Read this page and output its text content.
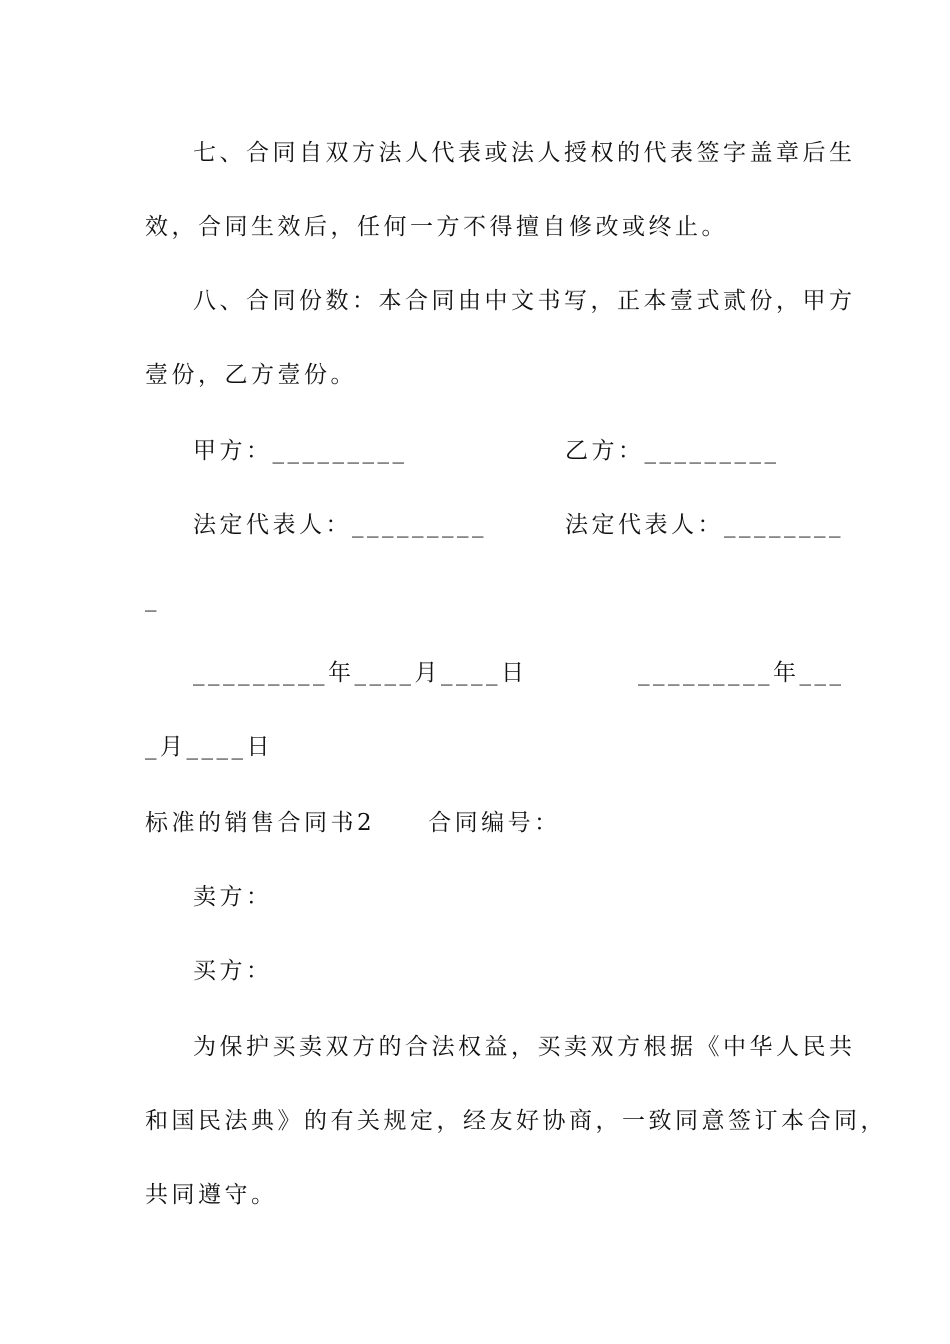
七、合同自双方法人代表或法人授权的代表签字盖章后生
效，合同生效后，任何一方不得擅自修改或终止。
八、合同份数：本合同由中文书写，正本壹式贰份，甲方
壹份，乙方壹份。
甲方：_________	乙方：_________
法定代表人：_________	法定代表人：________
_
_________年____月____日	_________年___
_月____日
标准的销售合同书2　　合同编号：
卖方：
买方：
为保护买卖双方的合法权益，买卖双方根据《中华人民共
和国民法典》的有关规定，经友好协商，一致同意签订本合同，
共同遵守。
